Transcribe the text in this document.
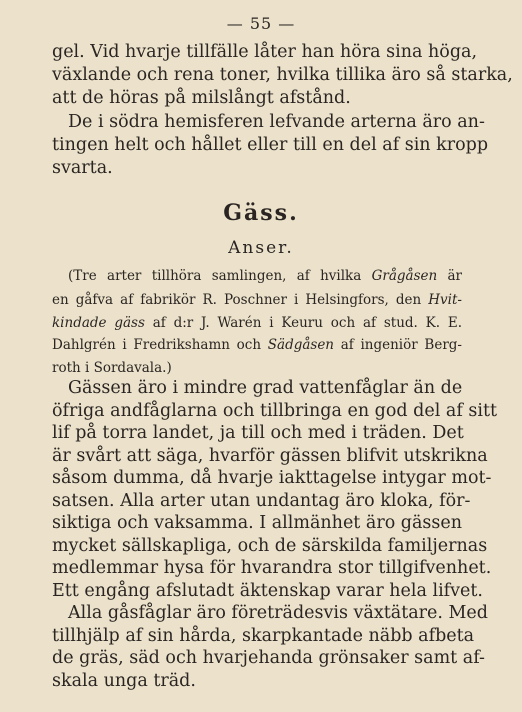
— 55 —
gel. Vid hvarje tillfälle låter han höra sina höga,
växlande och rena toner, hvilka tillika äro så starka,
att de höras på milslångt afstånd.
De i södra hemisferen lefvande arterna äro an-
tingen helt och hållet eller till en del af sin kropp
svarta.
Gäss.
Anser.
(Tre arter tillhöra samlingen, af hvilka Grågåsen är
en gåfva af fabrikör R. Poschner i Helsingfors, den Hvit-
kindade gäss af d:r J. Warén i Keuru och af stud. K. E.
Dahlgrén i Fredrikshamn och Sädgåsen af ingeniör Berg-
roth i Sordavala.)
Gässen äro i mindre grad vattenfåglar än de
öfriga andfåglarna och tillbringa en god del af sitt
lif på torra landet, ja till och med i träden. Det
är svårt att säga, hvarför gässen blifvit utskrikna
såsom dumma, då hvarje iakttagelse intygar mot-
satsen. Alla arter utan undantag äro kloka, för-
siktiga och vaksamma. I allmänhet äro gässen
mycket sällskapliga, och de särskilda familjernas
medlemmar hysa för hvarandra stor tillgifvenhet.
Ett engång afslutadt äktenskap varar hela lifvet.
Alla gåsfåglar äro företrädesvis växtätare. Med
tillhjälp af sin hårda, skarpkantade näbb afbeta
de gräs, säd och hvarjehanda grönsaker samt af-
skala unga träd.
